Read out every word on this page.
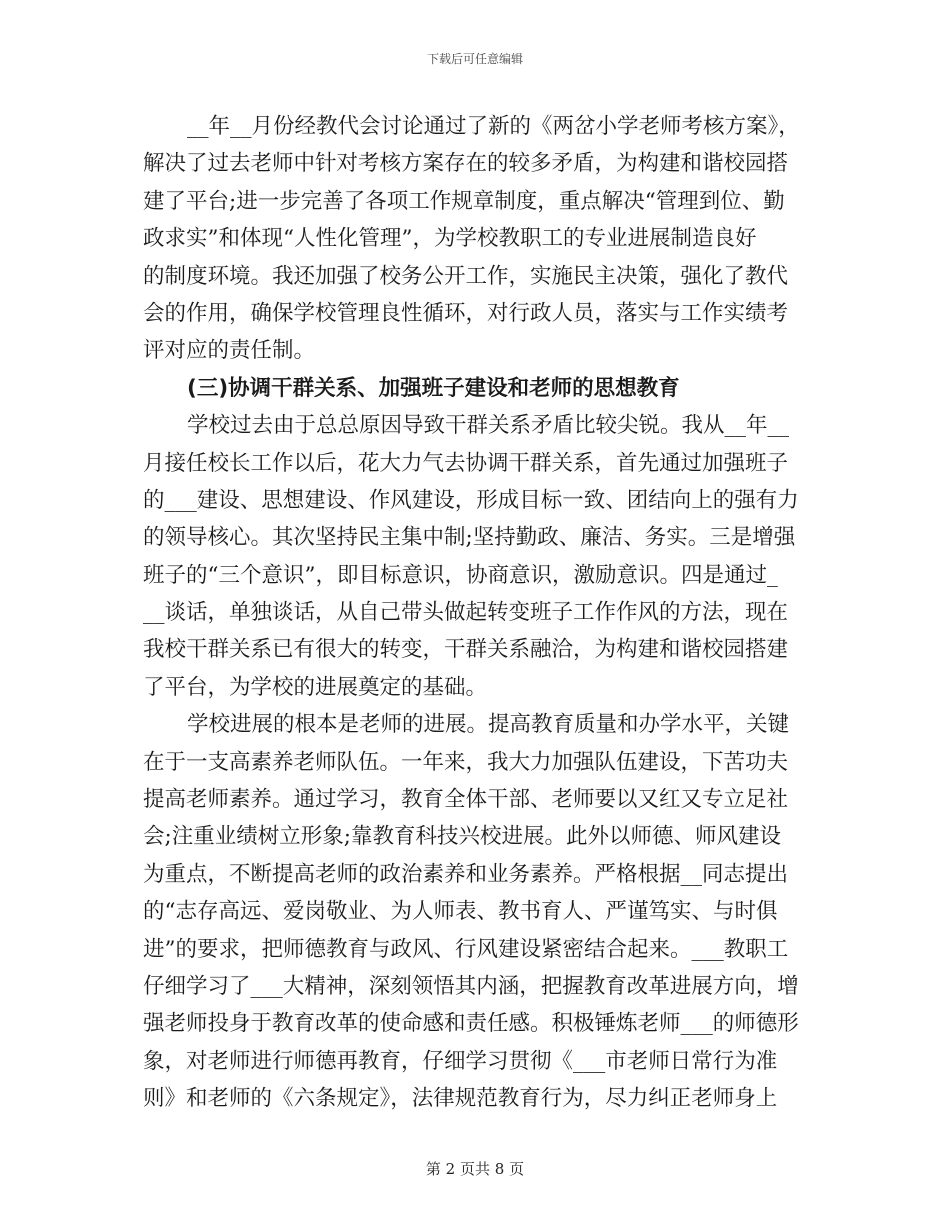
下载后可任意编辑
__年__月份经教代会讨论通过了新的《两岔小学老师考核方案》，
解决了过去老师中针对考核方案存在的较多矛盾，为构建和谐校园搭
建了平台;进一步完善了各项工作规章制度，重点解决“管理到位、勤
政求实”和体现“人性化管理”，为学校教职工的专业进展制造良好
的制度环境。我还加强了校务公开工作，实施民主决策，强化了教代
会的作用，确保学校管理良性循环，对行政人员，落实与工作实绩考
评对应的责任制。
(三)协调干群关系、加强班子建设和老师的思想教育
学校过去由于总总原因导致干群关系矛盾比较尖锐。我从__年__
月接任校长工作以后，花大力气去协调干群关系，首先通过加强班子
的___建设、思想建设、作风建设，形成目标一致、团结向上的强有力
的领导核心。其次坚持民主集中制;坚持勤政、廉洁、务实。三是增强
班子的“三个意识”，即目标意识，协商意识，激励意识。四是通过_
__谈话，单独谈话，从自己带头做起转变班子工作作风的方法，现在
我校干群关系已有很大的转变，干群关系融洽，为构建和谐校园搭建
了平台，为学校的进展奠定的基础。
学校进展的根本是老师的进展。提高教育质量和办学水平，关键
在于一支高素养老师队伍。一年来，我大力加强队伍建设，下苦功夫
提高老师素养。通过学习，教育全体干部、老师要以又红又专立足社
会;注重业绩树立形象;靠教育科技兴校进展。此外以师德、师风建设
为重点，不断提高老师的政治素养和业务素养。严格根据__同志提出
的“志存高远、爱岗敬业、为人师表、教书育人、严谨笃实、与时俱
进”的要求，把师德教育与政风、行风建设紧密结合起来。___教职工
仔细学习了___大精神，深刻领悟其内涵，把握教育改革进展方向，增
强老师投身于教育改革的使命感和责任感。积极锤炼老师___的师德形
象，对老师进行师德再教育，仔细学习贯彻《___市老师日常行为准
则》和老师的《六条规定》，法律规范教育行为，尽力纠正老师身上
第 2 页共 8 页
